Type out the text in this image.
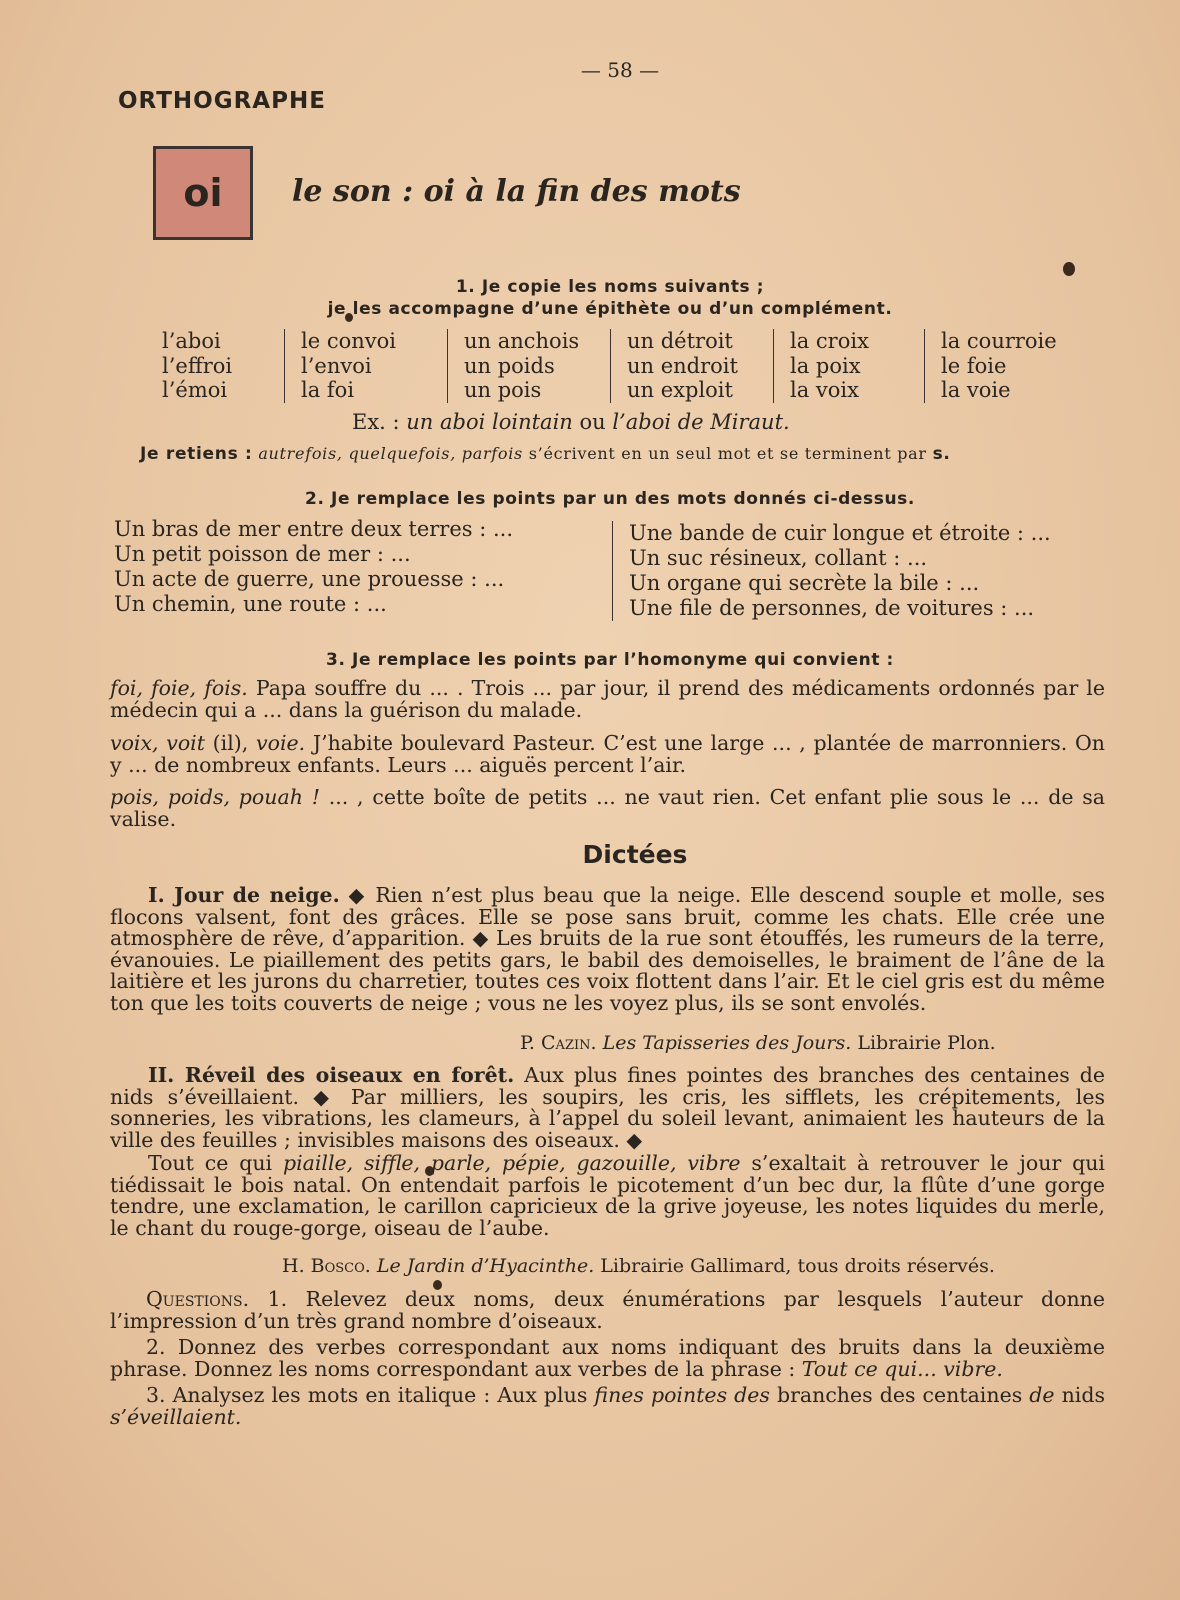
— 58 —
ORTHOGRAPHE
oi	le son : oi à la fin des mots
1. Je copie les noms suivants ;
je les accompagne d’une épithète ou d’un complément.
l’aboi
l’effroi
l’émoi
le convoi
l’envoi
la foi
un anchois
un poids
un pois
un détroit
un endroit
un exploit
la croix
la poix
la voix
la courroie
le foie
la voie
Ex. : un aboi lointain ou l’aboi de Miraut.
Je retiens : autrefois, quelquefois, parfois s’écrivent en un seul mot et se terminent par s.
2. Je remplace les points par un des mots donnés ci-dessus.
Un bras de mer entre deux terres : ...
Un petit poisson de mer : ...
Un acte de guerre, une prouesse : ...
Un chemin, une route : ...
Une bande de cuir longue et étroite : ...
Un suc résineux, collant : ...
Un organe qui secrète la bile : ...
Une file de personnes, de voitures : ...
3. Je remplace les points par l’homonyme qui convient :
foi, foie, fois. Papa souffre du ... . Trois ... par jour, il prend des médicaments ordonnés par le médecin qui a ... dans la guérison du malade.
voix, voit (il), voie. J’habite boulevard Pasteur. C’est une large ... , plantée de marronniers. On y ... de nombreux enfants. Leurs ... aiguës percent l’air.
pois, poids, pouah ! ... , cette boîte de petits ... ne vaut rien. Cet enfant plie sous le ... de sa valise.
Dictées
I. Jour de neige. ◆ Rien n’est plus beau que la neige. Elle descend souple et molle, ses flocons valsent, font des grâces. Elle se pose sans bruit, comme les chats. Elle crée une atmosphère de rêve, d’apparition. ◆ Les bruits de la rue sont étouffés, les rumeurs de la terre, évanouies. Le piaillement des petits gars, le babil des demoiselles, le braiment de l’âne de la laitière et les jurons du charretier, toutes ces voix flottent dans l’air. Et le ciel gris est du même ton que les toits couverts de neige ; vous ne les voyez plus, ils se sont envolés.
P. Cazin. Les Tapisseries des Jours. Librairie Plon.
II. Réveil des oiseaux en forêt. Aux plus fines pointes des branches des centaines de nids s’éveillaient. ◆ Par milliers, les soupirs, les cris, les sifflets, les crépitements, les sonneries, les vibrations, les clameurs, à l’appel du soleil levant, animaient les hauteurs de la ville des feuilles ; invisibles maisons des oiseaux. ◆
Tout ce qui piaille, siffle, parle, pépie, gazouille, vibre s’exaltait à retrouver le jour qui tiédissait le bois natal. On entendait parfois le picotement d’un bec dur, la flûte d’une gorge tendre, une exclamation, le carillon capricieux de la grive joyeuse, les notes liquides du merle, le chant du rouge-gorge, oiseau de l’aube.
H. Bosco. Le Jardin d’Hyacinthe. Librairie Gallimard, tous droits réservés.
Questions. 1. Relevez deux noms, deux énumérations par lesquels l’auteur donne l’impression d’un très grand nombre d’oiseaux.
2. Donnez des verbes correspondant aux noms indiquant des bruits dans la deuxième phrase. Donnez les noms correspondant aux verbes de la phrase : Tout ce qui... vibre.
3. Analysez les mots en italique : Aux plus fines pointes des branches des centaines de nids s’éveillaient.
